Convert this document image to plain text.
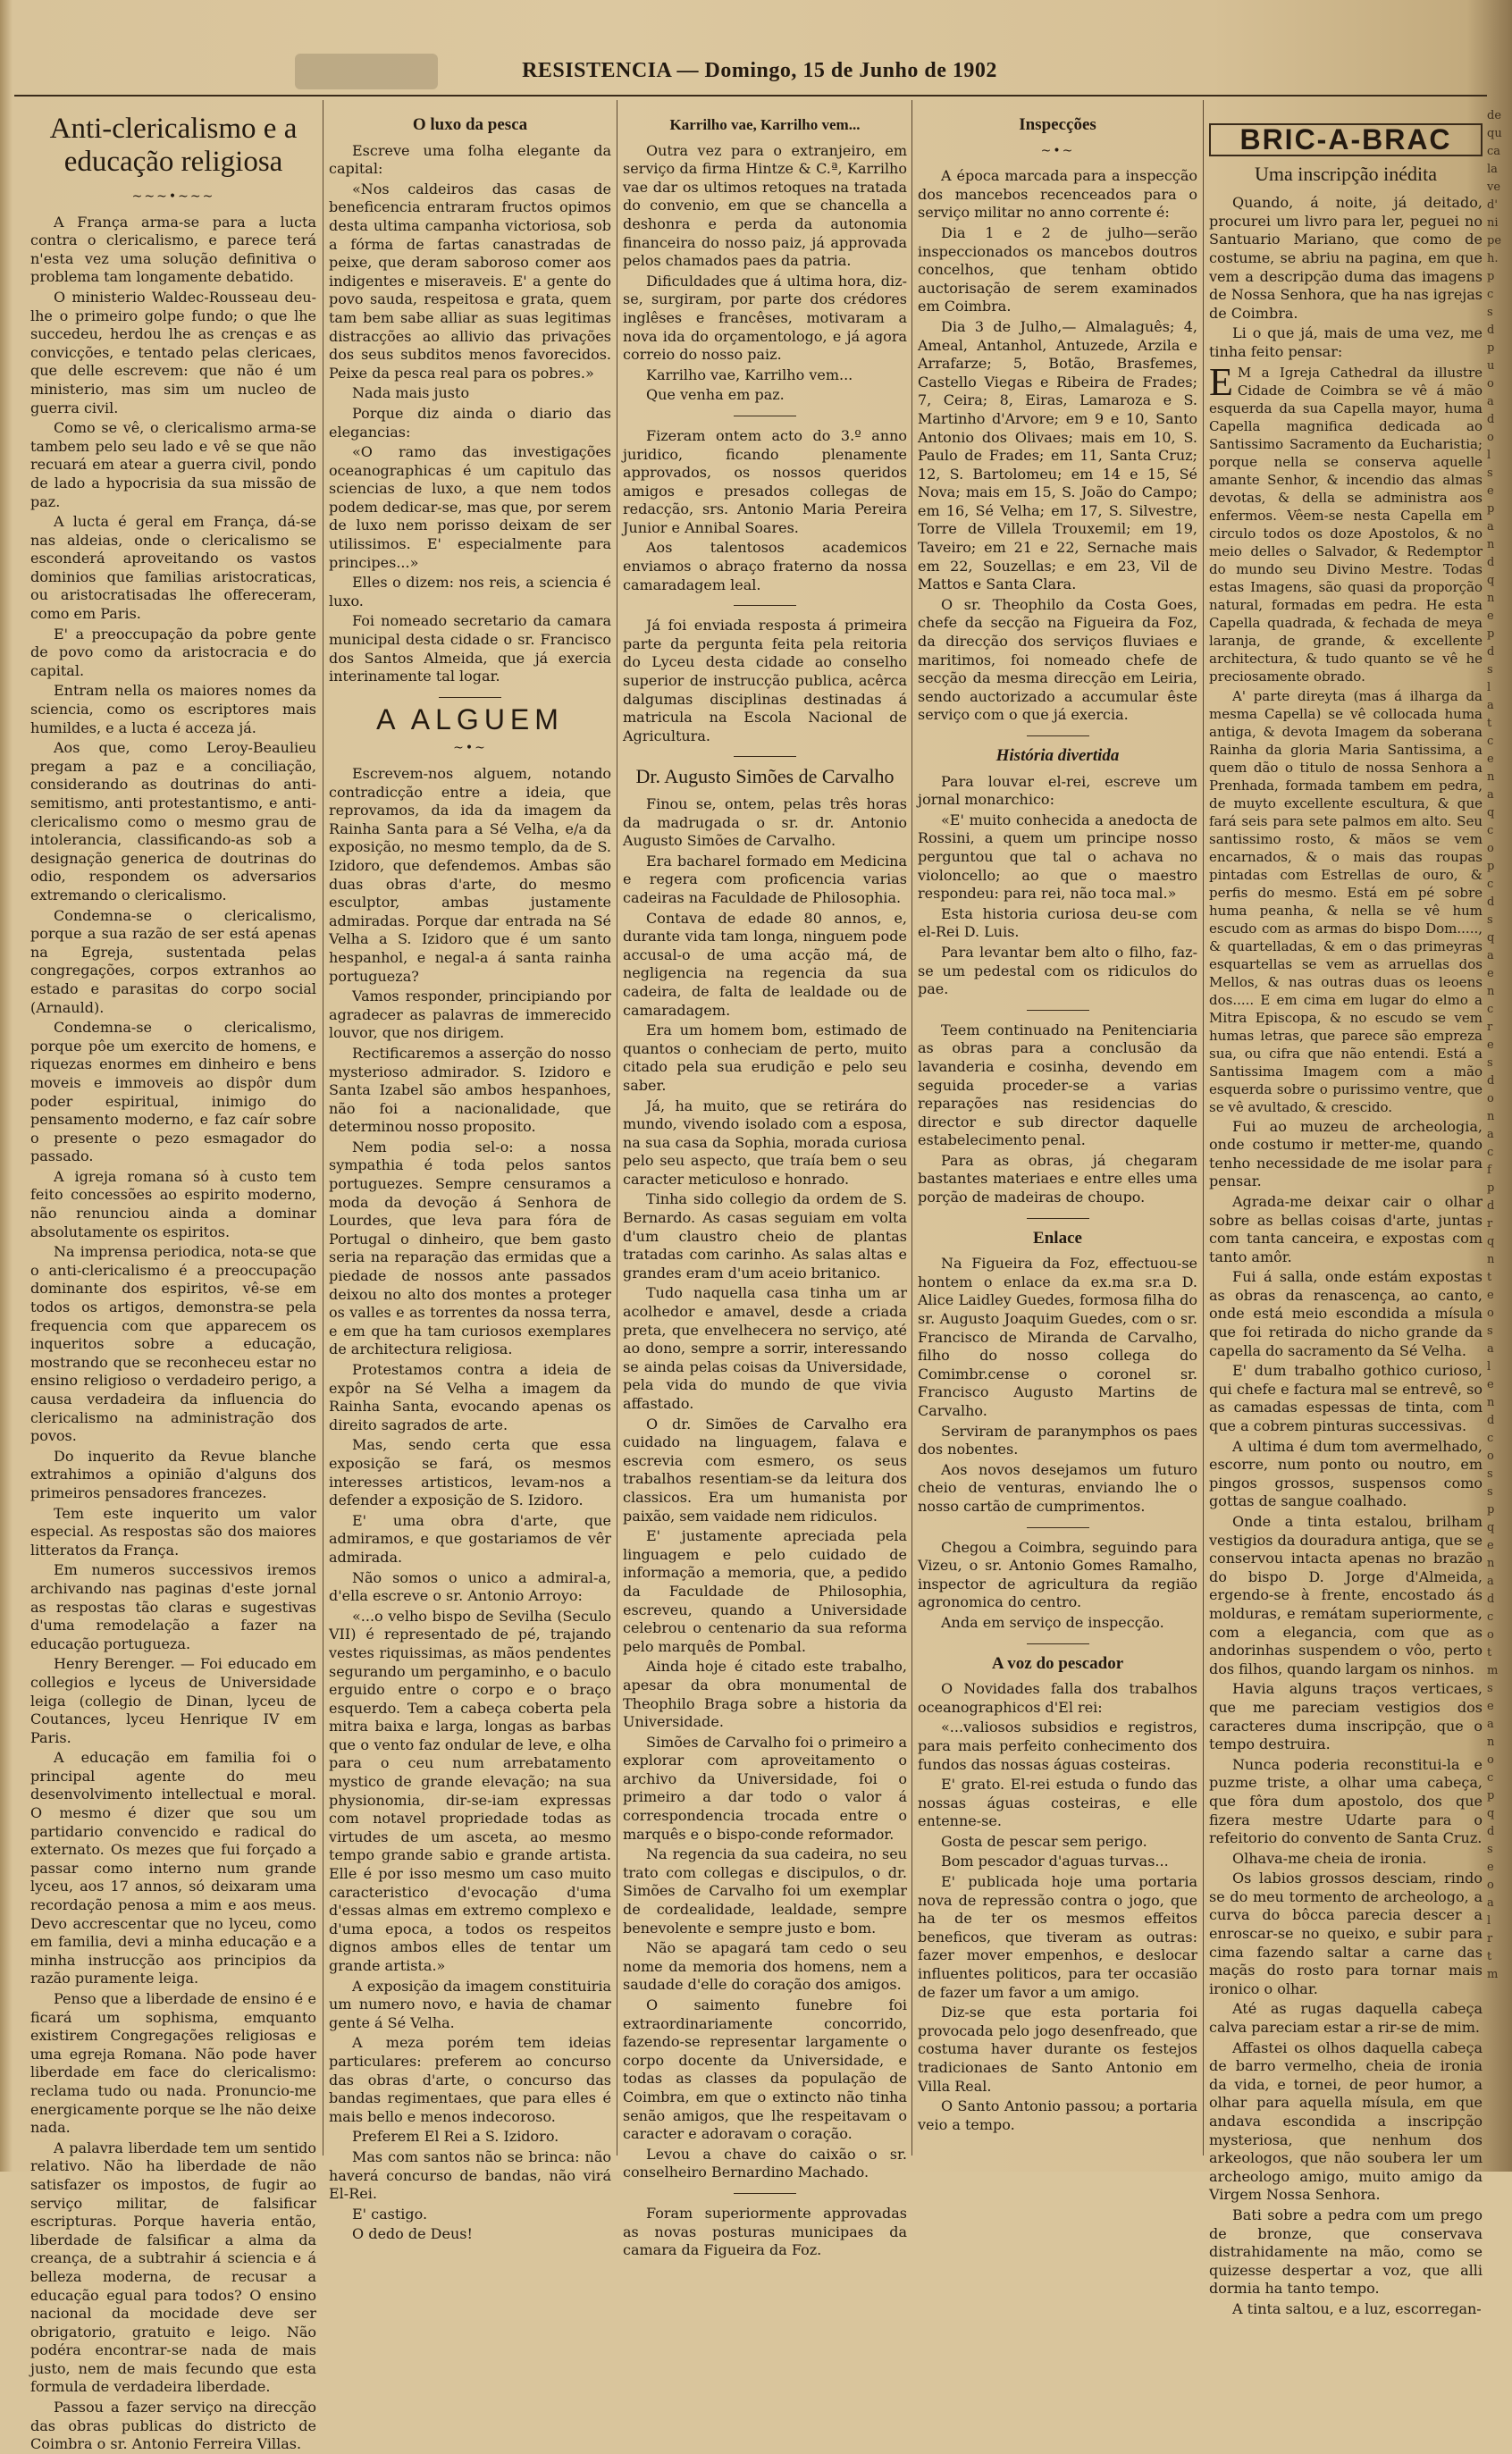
RESISTENCIA — Domingo, 15 de Junho de 1902
Anti-clericalismo e a educação religiosa
~~~•~~~

A França arma-se para a lucta contra o clericalismo, e parece terá n'esta vez uma solução definitiva o problema tam longamente debatido.

O ministerio Waldec-Rousseau deu-lhe o primeiro golpe fundo; o que lhe succedeu, herdou lhe as crenças e as convicções, e tentado pelas clericaes, que delle escrevem: que não é um ministerio, mas sim um nucleo de guerra civil.

Como se vê, o clericalismo arma-se tambem pelo seu lado e vê se que não recuará em atear a guerra civil, pondo de lado a hypocrisia da sua missão de paz.

A lucta é geral em França, dá-se nas aldeias, onde o clericalismo se esconderá aproveitando os vastos dominios que familias aristocraticas, ou aristocratisadas lhe offereceram, como em Paris.

E' a preoccupação da pobre gente de povo como da aristocracia e do capital.

Entram nella os maiores nomes da sciencia, como os escriptores mais humildes, e a lucta é acceza já.

Aos que, como Leroy-Beaulieu pregam a paz e a conciliação, considerando as doutrinas do anti-semitismo, anti protestantismo, e anti-clericalismo como o mesmo grau de intolerancia, classificando-as sob a designação generica de doutrinas do odio, respondem os adversarios extremando o clericalismo.

Condemna-se o clericalismo, porque a sua razão de ser está apenas na Egreja, sustentada pelas congregações, corpos extranhos ao estado e parasitas do corpo social (Arnauld).

Condemna-se o clericalismo, porque pôe um exercito de homens, e riquezas enormes em dinheiro e bens moveis e immoveis ao dispôr dum poder espiritual, inimigo do pensamento moderno, e faz caír sobre o presente o pezo esmagador do passado.

A igreja romana só à custo tem feito concessões ao espirito moderno, não renunciou ainda a dominar absolutamente os espiritos.

Na imprensa periodica, nota-se que o anti-clericalismo é a preoccupação dominante dos espiritos, vê-se em todos os artigos, demonstra-se pela frequencia com que apparecem os inqueritos sobre a educação, mostrando que se reconheceu estar no ensino religioso o verdadeiro perigo, a causa verdadeira da influencia do clericalismo na administração dos povos.

Do inquerito da Revue blanche extrahimos a opinião d'alguns dos primeiros pensadores francezes.

Tem este inquerito um valor especial. As respostas são dos maiores litteratos da França.

Em numeros successivos iremos archivando nas paginas d'este jornal as respostas tão claras e sugestivas d'uma remodelação a fazer na educação portugueza.

Henry Berenger. — Foi educado em collegios e lyceus de Universidade leiga (collegio de Dinan, lyceu de Coutances, lyceu Henrique IV em Paris.

A educação em familia foi o principal agente do meu desenvolvimento intellectual e moral. O mesmo é dizer que sou um partidario convencido e radical do externato. Os mezes que fui forçado a passar como interno num grande lyceu, aos 17 annos, só deixaram uma recordação penosa a mim e aos meus. Devo accrescentar que no lyceu, como em familia, devi a minha educação e a minha instrucção aos principios da razão puramente leiga.

Penso que a liberdade de ensino é e ficará um sophisma, emquanto existirem Congregações religiosas e uma egreja Romana. Não pode haver liberdade em face do clericalismo: reclama tudo ou nada. Pronuncio-me energicamente porque se lhe não deixe nada.

A palavra liberdade tem um sentido relativo. Não ha liberdade de não satisfazer os impostos, de fugir ao serviço militar, de falsificar escripturas. Porque haveria então, liberdade de falsificar a alma da creança, de a subtrahir á sciencia e á belleza moderna, de recusar a educação egual para todos? O ensino nacional da mocidade deve ser obrigatorio, gratuito e leigo. Não podéra encontrar-se nada de mais justo, nem de mais fecundo que esta formula de verdadeira liberdade.

Passou a fazer serviço na direcção das obras publicas do districto de Coimbra o sr. Antonio Ferreira Villas.

O luxo da pesca

Escreve uma folha elegante da capital:

«Nos caldeiros das casas de beneficencia entraram fructos opimos desta ultima campanha victoriosa, sob a fórma de fartas canastradas de peixe, que deram saboroso comer aos indigentes e miseraveis. E' a gente do povo sauda, respeitosa e grata, quem tam bem sabe alliar as suas legitimas distracções ao allivio das privações dos seus subditos menos favorecidos. Peixe da pesca real para os pobres.»

Nada mais justo

Porque diz ainda o diario das elegancias:

«O ramo das investigações oceanographicas é um capitulo das sciencias de luxo, a que nem todos podem dedicar-se, mas que, por serem de luxo nem porisso deixam de ser utilissimos. E' especialmente para principes...»

Elles o dizem: nos reis, a sciencia é luxo.

Foi nomeado secretario da camara municipal desta cidade o sr. Francisco dos Santos Almeida, que já exercia interinamente tal logar.

A ALGUEM
~•~

Escrevem-nos alguem, notando contradicção entre a ideia, que reprovamos, da ida da imagem da Rainha Santa para a Sé Velha, e/a da exposição, no mesmo templo, da de S. Izidoro, que defendemos. Ambas são duas obras d'arte, do mesmo esculptor, ambas justamente admiradas. Porque dar entrada na Sé Velha a S. Izidoro que é um santo hespanhol, e negal-a á santa rainha portugueza?

Vamos responder, principiando por agradecer as palavras de immerecido louvor, que nos dirigem.

Rectificaremos a asserção do nosso mysterioso admirador. S. Izidoro e Santa Izabel são ambos hespanhoes, não foi a nacionalidade, que determinou nosso proposito.

Nem podia sel-o: a nossa sympathia é toda pelos santos portuguezes. Sempre censuramos a moda da devoção á Senhora de Lourdes, que leva para fóra de Portugal o dinheiro, que bem gasto seria na reparação das ermidas que a piedade de nossos ante passados deixou no alto dos montes a proteger os valles e as torrentes da nossa terra, e em que ha tam curiosos exemplares de architectura religiosa.

Protestamos contra a ideia de expôr na Sé Velha a imagem da Rainha Santa, evocando apenas os direito sagrados de arte.

Mas, sendo certa que essa exposição se fará, os mesmos interesses artisticos, levam-nos a defender a exposição de S. Izidoro.

E' uma obra d'arte, que admiramos, e que gostariamos de vêr admirada.

Não somos o unico a admiral-a, d'ella escreve o sr. Antonio Arroyo:

«...o velho bispo de Sevilha (Seculo VII) é representado de pé, trajando vestes riquissimas, as mãos pendentes segurando um pergaminho, e o baculo erguido entre o corpo e o braço esquerdo. Tem a cabeça coberta pela mitra baixa e larga, longas as barbas que o vento faz ondular de leve, e olha para o ceu num arrebatamento mystico de grande elevação; na sua physionomia, dir-se-iam expressas com notavel propriedade todas as virtudes de um asceta, ao mesmo tempo grande sabio e grande artista. Elle é por isso mesmo um caso muito caracteristico d'evocação d'uma d'essas almas em extremo complexo e d'uma epoca, a todos os respeitos dignos ambos elles de tentar um grande artista.»

A exposição da imagem constituiria um numero novo, e havia de chamar gente á Sé Velha.

A meza porém tem ideias particulares: preferem ao concurso das obras d'arte, o concurso das bandas regimentaes, que para elles é mais bello e menos indecoroso.

Preferem El Rei a S. Izidoro.

Mas com santos não se brinca: não haverá concurso de bandas, não virá El-Rei.

E' castigo.

O dedo de Deus!

Karrilho vae, Karrilho vem...

Outra vez para o extranjeiro, em serviço da firma Hintze & C.ª, Karrilho vae dar os ultimos retoques na tratada do convenio, em que se chancella a deshonra e perda da autonomia financeira do nosso paiz, já approvada pelos chamados paes da patria.

Dificuldades que á ultima hora, diz-se, surgiram, por parte dos crédores inglêses e francêses, motivaram a nova ida do orçamentologo, e já agora correio do nosso paiz.

Karrilho vae, Karrilho vem...

Que venha em paz.

Fizeram ontem acto do 3.º anno juridico, ficando plenamente approvados, os nossos queridos amigos e presados collegas de redacção, srs. Antonio Maria Pereira Junior e Annibal Soares.

Aos talentosos academicos enviamos o abraço fraterno da nossa camaradagem leal.

Já foi enviada resposta á primeira parte da pergunta feita pela reitoria do Lyceu desta cidade ao conselho superior de instrucção publica, acêrca dalgumas disciplinas destinadas á matricula na Escola Nacional de Agricultura.

Dr. Augusto Simões de Carvalho

Finou se, ontem, pelas três horas da madrugada o sr. dr. Antonio Augusto Simões de Carvalho.

Era bacharel formado em Medicina e regera com proficencia varias cadeiras na Faculdade de Philosophia.

Contava de edade 80 annos, e, durante vida tam longa, ninguem pode accusal-o de uma acção má, de negligencia na regencia da sua cadeira, de falta de lealdade ou de camaradagem.

Era um homem bom, estimado de quantos o conheciam de perto, muito citado pela sua erudição e pelo seu saber.

Já, ha muito, que se retirára do mundo, vivendo isolado com a esposa, na sua casa da Sophia, morada curiosa pelo seu aspecto, que traía bem o seu caracter meticuloso e honrado.

Tinha sido collegio da ordem de S. Bernardo. As casas seguiam em volta d'um claustro cheio de plantas tratadas com carinho. As salas altas e grandes eram d'um aceio britanico.

Tudo naquella casa tinha um ar acolhedor e amavel, desde a criada preta, que envelhecera no serviço, até ao dono, sempre a sorrir, interessando se ainda pelas coisas da Universidade, pela vida do mundo de que vivia affastado.

O dr. Simões de Carvalho era cuidado na linguagem, falava e escrevia com esmero, os seus trabalhos resentiam-se da leitura dos classicos. Era um humanista por paixão, sem vaidade nem ridiculos.

E' justamente apreciada pela linguagem e pelo cuidado de informação a memoria, que, a pedido da Faculdade de Philosophia, escreveu, quando a Universidade celebrou o centenario da sua reforma pelo marquês de Pombal.

Ainda hoje é citado este trabalho, apesar da obra monumental de Theophilo Braga sobre a historia da Universidade.

Simões de Carvalho foi o primeiro a explorar com aproveitamento o archivo da Universidade, foi o primeiro a dar todo o valor á correspondencia trocada entre o marquês e o bispo-conde reformador.

Na regencia da sua cadeira, no seu trato com collegas e discipulos, o dr. Simões de Carvalho foi um exemplar de cordealidade, lealdade, sempre benevolente e sempre justo e bom.

Não se apagará tam cedo o seu nome da memoria dos homens, nem a saudade d'elle do coração dos amigos.

O saimento funebre foi extraordinariamente concorrido, fazendo-se representar largamente o corpo docente da Universidade, e todas as classes da população de Coimbra, em que o extincto não tinha senão amigos, que lhe respeitavam o caracter e adoravam o coração.

Levou a chave do caixão o sr. conselheiro Bernardino Machado.

Foram superiormente approvadas as novas posturas municipaes da camara da Figueira da Foz.

Inspecções
~•~

A época marcada para a inspecção dos mancebos recenceados para o serviço militar no anno corrente é:

Dia 1 e 2 de julho—serão inspeccionados os mancebos doutros concelhos, que tenham obtido auctorisação de serem examinados em Coimbra.

Dia 3 de Julho,— Almalaguês; 4, Ameal, Antanhol, Antuzede, Arzila e Arrafarze; 5, Botão, Brasfemes, Castello Viegas e Ribeira de Frades; 7, Ceira; 8, Eiras, Lamaroza e S. Martinho d'Arvore; em 9 e 10, Santo Antonio dos Olivaes; mais em 10, S. Paulo de Frades; em 11, Santa Cruz; 12, S. Bartolomeu; em 14 e 15, Sé Nova; mais em 15, S. João do Campo; em 16, Sé Velha; em 17, S. Silvestre, Torre de Villela Trouxemil; em 19, Taveiro; em 21 e 22, Sernache mais em 22, Souzellas; e em 23, Vil de Mattos e Santa Clara.

O sr. Theophilo da Costa Goes, chefe da secção na Figueira da Foz, da direcção dos serviços fluviaes e maritimos, foi nomeado chefe de secção da mesma direcção em Leiria, sendo auctorizado a accumular êste serviço com o que já exercia.

História divertida

Para louvar el-rei, escreve um jornal monarchico:

«E' muito conhecida a anedocta de Rossini, a quem um principe nosso perguntou que tal o achava no violoncello; ao que o maestro respondeu: para rei, não toca mal.»

Esta historia curiosa deu-se com el-Rei D. Luis.

Para levantar bem alto o filho, faz-se um pedestal com os ridiculos do pae.

Teem continuado na Penitenciaria as obras para a conclusão da lavanderia e cosinha, devendo em seguida proceder-se a varias reparações nas residencias do director e sub director daquelle estabelecimento penal.

Para as obras, já chegaram bastantes materiaes e entre elles uma porção de madeiras de choupo.

Enlace

Na Figueira da Foz, effectuou-se hontem o enlace da ex.ma sr.a D. Alice Laidley Guedes, formosa filha do sr. Augusto Joaquim Guedes, com o sr. Francisco de Miranda de Carvalho, filho do nosso collega do Comimbr.cense o coronel sr. Francisco Augusto Martins de Carvalho.

Serviram de paranymphos os paes dos nobentes.

Aos novos desejamos um futuro cheio de venturas, enviando lhe o nosso cartão de cumprimentos.

Chegou a Coimbra, seguindo para Vizeu, o sr. Antonio Gomes Ramalho, inspector de agricultura da região agronomica do centro.

Anda em serviço de inspecção.

A voz do pescador

O Novidades falla dos trabalhos oceanographicos d'El rei:

«...valiosos subsidios e registros, para mais perfeito conhecimento dos fundos das nossas águas costeiras.

E' grato. El-rei estuda o fundo das nossas águas costeiras, e elle entenne-se.

Gosta de pescar sem perigo.

Bom pescador d'aguas turvas...

E' publicada hoje uma portaria nova de repressão contra o jogo, que ha de ter os mesmos effeitos beneficos, que tiveram as outras: fazer mover empenhos, e deslocar influentes politicos, para ter occasião de fazer um favor a um amigo.

Diz-se que esta portaria foi provocada pelo jogo desenfreado, que costuma haver durante os festejos tradicionaes de Santo Antonio em Villa Real.

O Santo Antonio passou; a portaria veio a tempo.

BRIC-A-BRAC
Uma inscripção inédita

Quando, á noite, já deitado, procurei um livro para ler, peguei no Santuario Mariano, que como de costume, se abriu na pagina, em que vem a descripção duma das imagens de Nossa Senhora, que ha nas igrejas de Coimbra.

Li o que já, mais de uma vez, me tinha feito pensar:

E M a Igreja Cathedral da illustre Cidade de Coimbra se vê á mão esquerda da sua Capella mayor, huma Capella magnifica dedicada ao Santissimo Sacramento da Eucharistia; porque nella se conserva aquelle amante Senhor, & incendio das almas devotas, & della se administra aos enfermos. Vêem-se nesta Capella em circulo todos os doze Apostolos, & no meio delles o Salvador, & Redemptor do mundo seu Divino Mestre. Todas estas Imagens, são quasi da proporção natural, formadas em pedra. He esta Capella quadrada, & fechada de meya laranja, de grande, & excellente architectura, & tudo quanto se vê he preciosamente obrado.

A' parte direyta (mas á ilharga da mesma Capella) se vê collocada huma antiga, & devota Imagem da soberana Rainha da gloria Maria Santissima, a quem dão o titulo de nossa Senhora a Prenhada, formada tambem em pedra, de muyto excellente escultura, & que fará seis para sete palmos em alto. Seu santissimo rosto, & mãos se vem encarnados, & o mais das roupas pintadas com Estrellas de ouro, & perfis do mesmo. Está em pé sobre huma peanha, & nella se vê hum escudo com as armas do bispo Dom....., & quartelladas, & em o das primeyras esquartellas se vem as arruellas dos Mellos, & nas outras duas os leoens dos..... E em cima em lugar do elmo a Mitra Episcopa, & no escudo se vem humas letras, que parece são empreza sua, ou cifra que não entendi. Está a Santissima Imagem com a mão esquerda sobre o purissimo ventre, que se vê avultado, & crescido.

Fui ao muzeu de archeologia, onde costumo ir metter-me, quando tenho necessidade de me isolar para pensar.

Agrada-me deixar cair o olhar sobre as bellas coisas d'arte, juntas com tanta canceira, e expostas com tanto amôr.

Fui á salla, onde estám expostas as obras da renascença, ao canto, onde está meio escondida a mísula que foi retirada do nicho grande da capella do sacramento da Sé Velha.

E' dum trabalho gothico curioso, qui chefe e factura mal se entrevê, so as camadas espessas de tinta, com que a cobrem pinturas successivas.

A ultima é dum tom avermelhado, escorre, num ponto ou noutro, em pingos grossos, suspensos como gottas de sangue coalhado.

Onde a tinta estalou, brilham vestigios da douradura antiga, que se conservou intacta apenas no brazão do bispo D. Jorge d'Almeida, ergendo-se à frente, encostado ás molduras, e remátam superiormente, com a elegancia, com que as andorinhas suspendem o vôo, perto dos filhos, quando largam os ninhos.

Havia alguns traços verticaes, que me pareciam vestigios dos caracteres duma inscripção, que o tempo destruira.

Nunca poderia reconstitui-la e puzme triste, a olhar uma cabeça, que fôra dum apostolo, dos que fizera mestre Udarte para o refeitorio do convento de Santa Cruz.

Olhava-me cheia de ironia.

Os labios grossos desciam, rindo se do meu tormento de archeologo, a curva do bôcca parecia descer a enroscar-se no queixo, e subir para cima fazendo saltar a carne das maçãs do rosto para tornar mais ironico o olhar.

Até as rugas daquella cabeça calva pareciam estar a rir-se de mim.

Affastei os olhos daquella cabeça de barro vermelho, cheia de ironia da vida, e tornei, de peor humor, a olhar para aquella mísula, em que andava escondida a inscripção mysteriosa, que nenhum dos arkeologos, que não soubera ler um archeologo amigo, muito amigo da Virgem Nossa Senhora.

Bati sobre a pedra com um prego de bronze, que conservava distrahidamente na mão, como se quizesse despertar a voz, que alli dormia ha tanto tempo.

A tinta saltou, e a luz, escorregan-

de
qu
ca
la
ve
d'
ni
pe
h.
p
c
s
d
p
u
o
a
d
o
l
s
e
p
a
n
d
q
n
e
p
d
s
l
a
t
c
e
n
a
q
c
o
p
c
d
s
q
a
e
n
c
r
e
s
d
o
n
a
c
f
p
d
r
q
n
t
e
o
s
a
l
e
n
d
c
o
s
s
p
q
e
n
a
d
c
o
t
m
s
e
a
n
o
c
p
q
d
s
e
o
a
l
r
t
m
